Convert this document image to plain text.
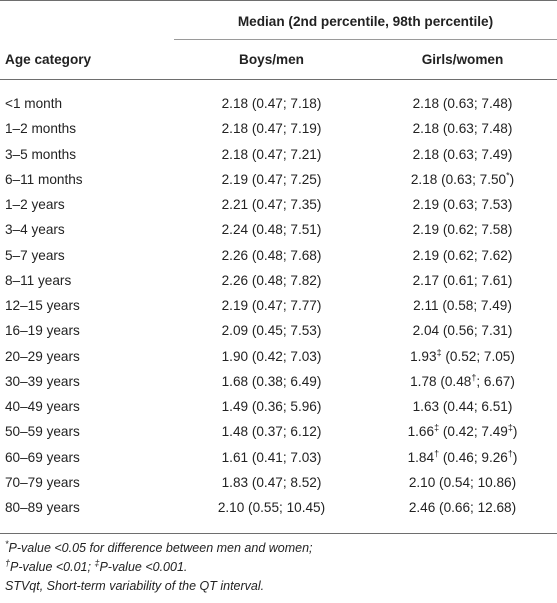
Median (2nd percentile, 98th percentile)
Age category	Boys/men	Girls/women
<1 month	2.18 (0.47; 7.18)	2.18 (0.63; 7.48)
1–2 months	2.18 (0.47; 7.19)	2.18 (0.63; 7.48)
3–5 months	2.18 (0.47; 7.21)	2.18 (0.63; 7.49)
6–11 months	2.19 (0.47; 7.25)	2.18 (0.63; 7.50*)
1–2 years	2.21 (0.47; 7.35)	2.19 (0.63; 7.53)
3–4 years	2.24 (0.48; 7.51)	2.19 (0.62; 7.58)
5–7 years	2.26 (0.48; 7.68)	2.19 (0.62; 7.62)
8–11 years	2.26 (0.48; 7.82)	2.17 (0.61; 7.61)
12–15 years	2.19 (0.47; 7.77)	2.11 (0.58; 7.49)
16–19 years	2.09 (0.45; 7.53)	2.04 (0.56; 7.31)
20–29 years	1.90 (0.42; 7.03)	1.93‡ (0.52; 7.05)
30–39 years	1.68 (0.38; 6.49)	1.78 (0.48†; 6.67)
40–49 years	1.49 (0.36; 5.96)	1.63 (0.44; 6.51)
50–59 years	1.48 (0.37; 6.12)	1.66‡ (0.42; 7.49‡)
60–69 years	1.61 (0.41; 7.03)	1.84† (0.46; 9.26†)
70–79 years	1.83 (0.47; 8.52)	2.10 (0.54; 10.86)
80–89 years	2.10 (0.55; 10.45)	2.46 (0.66; 12.68)
*P-value <0.05 for difference between men and women;
†P-value <0.01; ‡P-value <0.001.
STVqt, Short-term variability of the QT interval.
